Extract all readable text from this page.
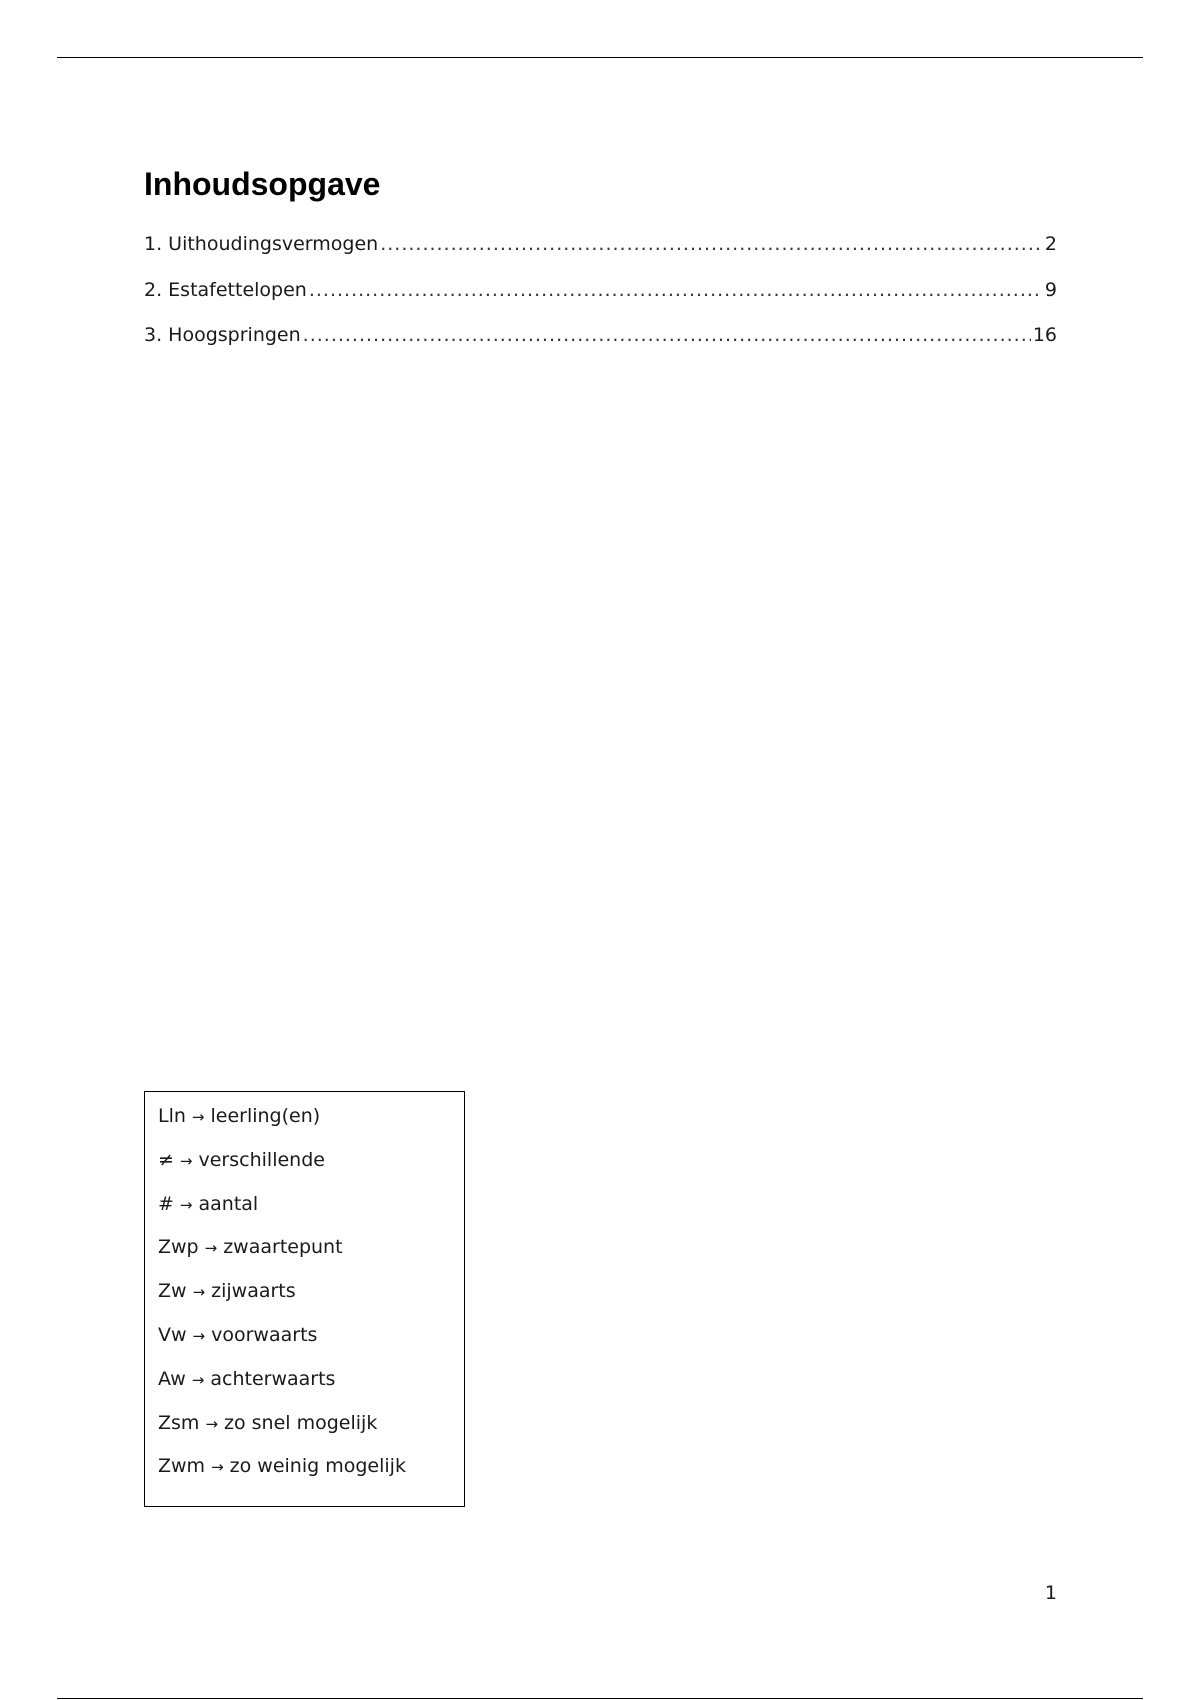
Inhoudsopgave
1. Uithoudingsvermogen .....	2
2. Estafettelopen .....	9
3. Hoogspringen .....	16
Lln → leerling(en)
≠ → verschillende
# → aantal
Zwp → zwaartepunt
Zw → zijwaarts
Vw → voorwaarts
Aw → achterwaarts
Zsm → zo snel mogelijk
Zwm → zo weinig mogelijk
1
